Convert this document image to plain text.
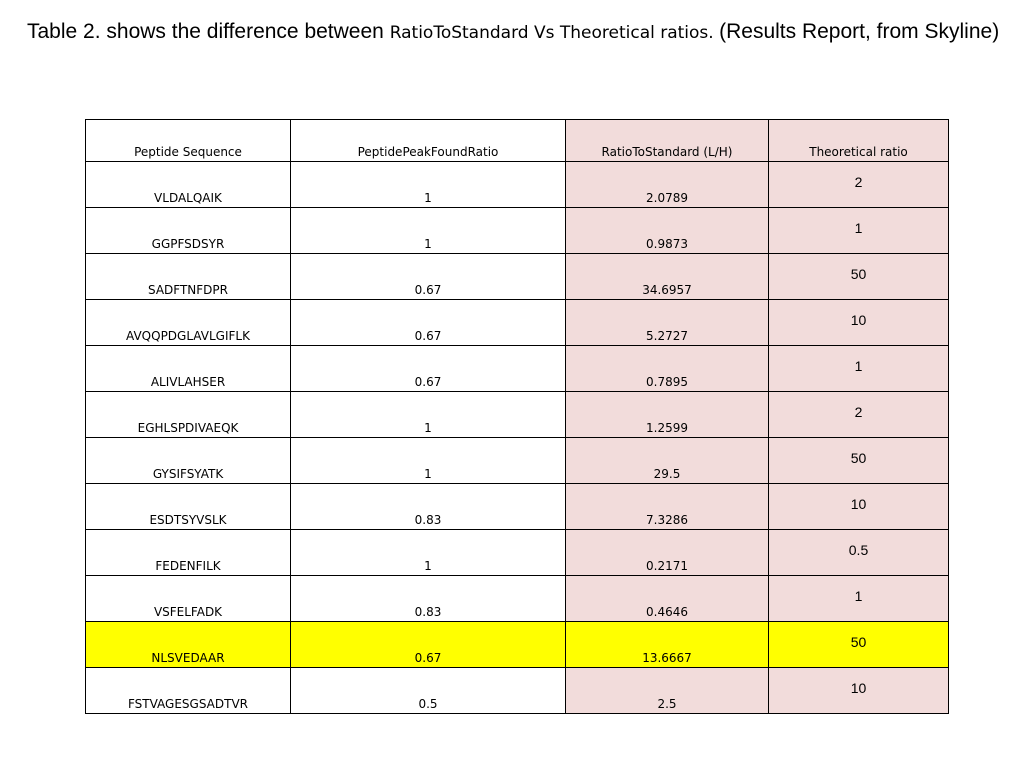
Table 2. shows the difference between RatioToStandard Vs Theoretical ratios. (Results Report, from Skyline)
Peptide Sequence	PeptidePeakFoundRatio	RatioToStandard (L/H)	Theoretical ratio
VLDALQAIK	1	2.0789	2
GGPFSDSYR	1	0.9873	1
SADFTNFDPR	0.67	34.6957	50
AVQQPDGLAVLGIFLK	0.67	5.2727	10
ALIVLAHSER	0.67	0.7895	1
EGHLSPDIVAEQK	1	1.2599	2
GYSIFSYATK	1	29.5	50
ESDTSYVSLK	0.83	7.3286	10
FEDENFILK	1	0.2171	0.5
VSFELFADK	0.83	0.4646	1
NLSVEDAAR	0.67	13.6667	50
FSTVAGESGSADTVR	0.5	2.5	10
